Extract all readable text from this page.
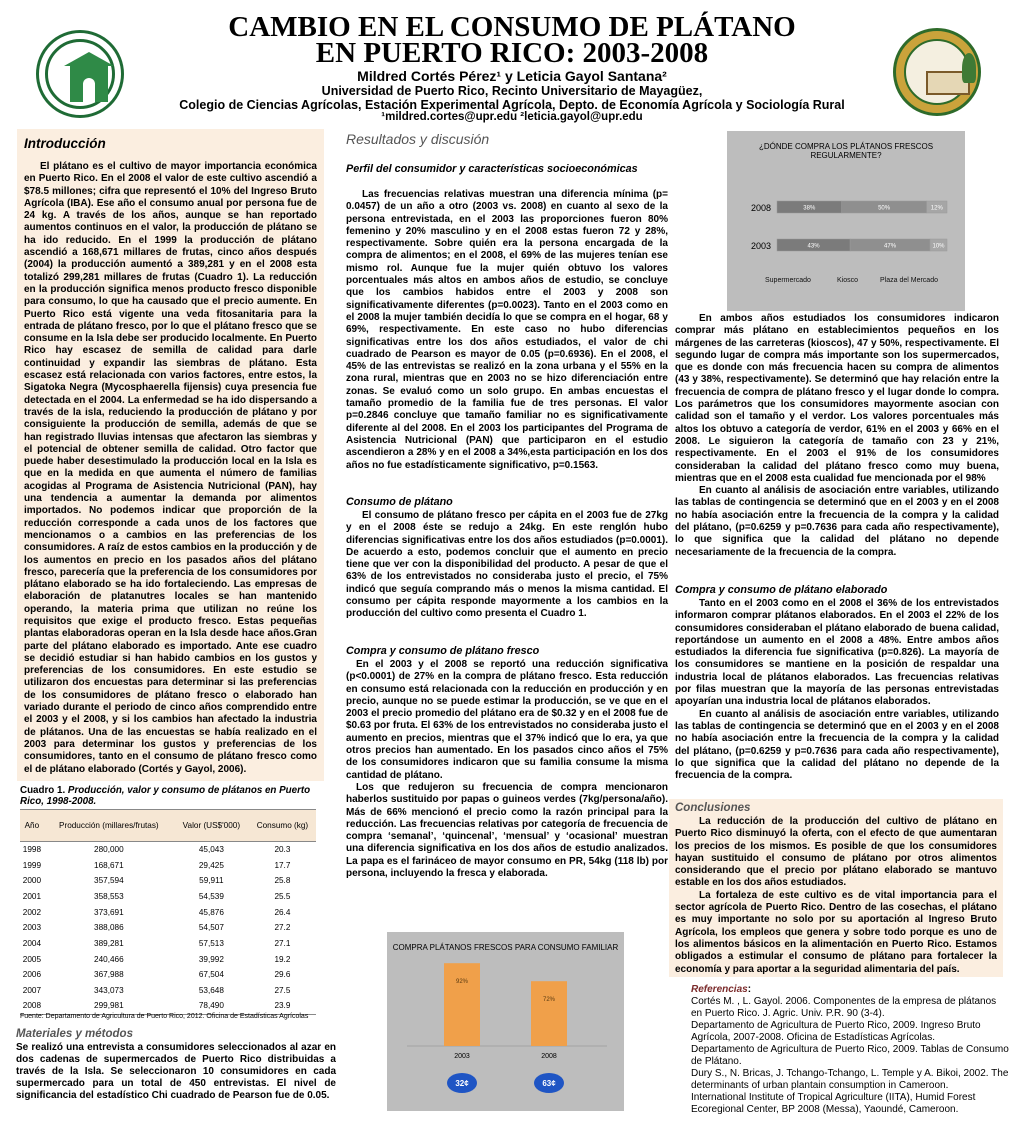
CAMBIO EN EL CONSUMO DE PLÁTANO
EN PUERTO RICO: 2003-2008
Mildred Cortés Pérez¹ y Leticia Gayol Santana²
Universidad de Puerto Rico, Recinto Universitario de Mayagüez,
Colegio de Ciencias Agrícolas, Estación Experimental Agrícola, Depto. de Economía Agrícola y Sociología Rural
¹mildred.cortes@upr.edu ²leticia.gayol@upr.edu
Introducción
El plátano es el cultivo de mayor importancia económica en Puerto Rico. En el 2008 el valor de este cultivo ascendió a $78.5 millones; cifra que representó el 10% del Ingreso Bruto Agrícola (IBA). Ese año el consumo anual por persona fue de 24 kg. A través de los años, aunque se han reportado aumentos continuos en el valor, la producción de plátano se ha ido reducido. En el 1999 la producción de plátano ascendió a 168,671 millares de frutas, cinco años después (2004) la producción aumentó a 389,281 y en el 2008 esta totalizó 299,281 millares de frutas (Cuadro 1). La reducción en la producción significa menos producto fresco disponible para consumo, lo que ha causado que el precio aumente. En Puerto Rico está vigente una veda fitosanitaria para la entrada de plátano fresco, por lo que el plátano fresco que se consume en la Isla debe ser producido localmente. En Puerto Rico hay escasez de semilla de calidad para darle continuidad y expandir las siembras de plátano. Esta escasez está relacionada con varios factores, entre estos, la Sigatoka Negra (Mycosphaerella fijensis) cuya presencia fue detectada en el 2004. La enfermedad se ha ido dispersando a través de la isla, reduciendo la producción de plátano y por consiguiente la producción de semilla, además de que se han registrado lluvias intensas que afectaron las siembras y el potencial de obtener semilla de calidad. Otro factor que puede haber desestimulado la producción local en la Isla es que en la medida en que aumenta el número de familias acogidas al Programa de Asistencia Nutricional (PAN), hay una tendencia a aumentar la demanda por alimentos importados. No podemos indicar que proporción de la reducción corresponde a cada unos de los factores que mencionamos o a cambios en las preferencias de los consumidores. A raíz de estos cambios en la producción y de los aumentos en precio en los pasados años del plátano fresco, parecería que la preferencia de los consumidores por plátano elaborado se ha ido fortaleciendo. Las empresas de elaboración de platanutres locales se han mantenido operando, la materia prima que utilizan no reúne los requisitos que exige el producto fresco. Estas pequeñas plantas elaboradoras operan en la Isla desde hace años.Gran parte del plátano elaborado es importado. Ante ese cuadro se decidió estudiar si han habido cambios en los gustos y preferencias de los consumidores. En este estudio se utilizaron dos encuestas para determinar si las preferencias de los consumidores de plátano fresco o elaborado han variado durante el periodo de cinco años comprendido entre el 2003 y el 2008, y si los cambios han afectado la industria de plátanos. Una de las encuestas se había realizado en el 2003 para determinar los gustos y preferencias de los consumidores, tanto en el consumo de plátano fresco como el de plátano elaborado (Cortés y Gayol, 2006).
Cuadro 1. Producción, valor y consumo de plátanos en Puerto Rico, 1998-2008.
Año	Producción (millares/frutas)	Valor (US$'000)	Consumo (kg)
1998	280,000	45,043	20.3
1999	168,671	29,425	17.7
2000	357,594	59,911	25.8
2001	358,553	54,539	25.5
2002	373,691	45,876	26.4
2003	388,086	54,507	27.2
2004	389,281	57,513	27.1
2005	240,466	39,992	19.2
2006	367,988	67,504	29.6
2007	343,073	53,648	27.5
2008	299,981	78,490	23.9
Fuente: Departamento de Agricultura de Puerto Rico, 2012. Oficina de Estadísticas Agrícolas
Materiales y métodos
Se realizó una entrevista a consumidores seleccionados al azar en dos cadenas de supermercados de Puerto Rico distribuidas a través de la Isla. Se seleccionaron 10 consumidores en cada supermercado para un total de 450 entrevistas. El nivel de significancia del estadístico Chi cuadrado de Pearson fue de 0.05.
Resultados y discusión
Perfil del consumidor y características socioeconómicas
Las frecuencias relativas muestran una diferencia mínima (p= 0.0457) de un año a otro (2003 vs. 2008) en cuanto al sexo de la persona entrevistada, en el 2003 las proporciones fueron 80% femenino y 20% masculino y en el 2008 estas fueron 72 y 28%, respectivamente. Sobre quién era la persona encargada de la compra de alimentos; en el 2008, el 69% de las mujeres tenían ese mismo rol. Aunque fue la mujer quién obtuvo los valores porcentuales más altos en ambos años de estudio, se concluye que los cambios habidos entre el 2003 y 2008 son significativamente diferentes (p=0.0023). Tanto en el 2003 como en el 2008 la mujer también decidía lo que se compra en el hogar, 68 y 69%, respectivamente. En este caso no hubo diferencias significativas entre los dos años estudiados, el valor de chi cuadrado de Pearson es mayor de 0.05 (p=0.6936). En el 2008, el 45% de las entrevistas se realizó en la zona urbana y el 55% en la zona rural, mientras que en 2003 no se hizo diferenciación entre zonas. Se evaluó como un solo grupo. En ambas encuestas el tamaño promedio de la familia fue de tres personas. El valor p=0.2846 concluye que tamaño familiar no es significativamente diferente al del 2008. En el 2003 los participantes del Programa de Asistencia Nutricional (PAN) que participaron en el estudio ascendieron a 28% y en el 2008 a 34%,esta participación en los dos años no fue estadísticamente significativo, p=0.1563.
Consumo de plátano
El consumo de plátano fresco per cápita en el 2003 fue de 27kg y en el 2008 éste se redujo a 24kg. En este renglón hubo diferencias significativas entre los dos años estudiados (p=0.0001). De acuerdo a esto, podemos concluir que el aumento en precio tiene que ver con la disponibilidad del producto. A pesar de que el 63% de los entrevistados no consideraba justo el precio, el 75% indicó que seguía comprando más o menos la misma cantidad. El consumo per cápita responde mayormente a los cambios en la producción del cultivo como presenta el Cuadro 1.
Compra y consumo de plátano fresco
En el 2003 y el 2008 se reportó una reducción significativa (p<0.0001) de 27% en la compra de plátano fresco. Esta reducción en consumo está relacionada con la reducción en producción y en precio, aunque no se puede estimar la producción, se ve que en el 2003 el precio promedio del plátano era de $0.32 y en el 2008 fue de $0.63 por fruta. El 63% de los entrevistados no consideraba justo el aumento en precios, mientras que el 37% indicó que lo era, ya que otros precios han aumentado. En los pasados cinco años el 75% de los consumidores indicaron que su familia consume la misma cantidad de plátano.
Los que redujeron su frecuencia de compra mencionaron haberlos sustituido por papas o guineos verdes (7kg/persona/año). Más de 66% mencionó el precio como la razón principal para la reducción. Las frecuencias relativas por categoría de frecuencia de compra ‘semanal’, ‘quincenal’, ‘mensual’ y ‘ocasional’ muestran una diferencia significativa en los dos años de estudio analizados. La papa es el farináceo de mayor consumo en PR, 54kg (118 lb) por persona, incluyendo la fresca y elaborada.
¿DÓNDE COMPRA LOS PLÁTANOS FRESCOS REGULARMENTE?
2008	38%	50%	12%
2003	43%	47%	10%
Supermercado	Kiosco	Plaza del Mercado
En ambos años estudiados los consumidores indicaron comprar más plátano en establecimientos pequeños en los márgenes de las carreteras (kioscos), 47 y 50%, respectivamente. El segundo lugar de compra más importante son los supermercados, que es donde con más frecuencia hacen su compra de alimentos (43 y 38%, respectivamente). Se determinó que hay relación entre la frecuencia de compra de plátano fresco y el lugar donde lo compra. Los parámetros que los consumidores mayormente asocian con calidad son el tamaño y el verdor. Los valores porcentuales más altos los obtuvo a categoría de verdor, 61% en el 2003 y 66% en el 2008. Le siguieron la categoría de tamaño con 23 y 21%, respectivamente. En el 2003 el 91% de los consumidores consideraban la calidad del plátano fresco como muy buena, mientras que en el 2008 esta cualidad fue mencionada por el 98%
En cuanto al análisis de asociación entre variables, utilizando las tablas de contingencia se determinó que en el 2003 y en el 2008 no había asociación entre la frecuencia de la compra y la calidad del plátano, (p=0.6259 y p=0.7636 para cada año respectivamente), lo que significa que la calidad del plátano no depende necesariamente de la frecuencia de la compra.
Compra y consumo de plátano elaborado
Tanto en el 2003 como en el 2008 el 36% de los entrevistados informaron comprar plátanos elaborados. En el 2003 el 22% de los consumidores consideraban el plátano elaborado de buena calidad, reportándose un aumento en el 2008 a 48%. Entre ambos años estudiados la diferencia fue significativa (p=0.826). La mayoría de los consumidores se mantiene en la posición de respaldar una industria local de plátanos elaborados. Las frecuencias relativas por filas muestran que la mayoría de las personas entrevistadas apoyarían una industria local de plátanos elaborados.
En cuanto al análisis de asociación entre variables, utilizando las tablas de contingencia se determinó que en el 2003 y en el 2008 no había asociación entre la frecuencia de la compra y la calidad del plátano, (p=0.6259 y p=0.7636 para cada año respectivamente), lo que significa que la calidad del plátano no depende de la frecuencia de la compra.
Conclusiones
La reducción de la producción del cultivo de plátano en Puerto Rico disminuyó la oferta, con el efecto de que aumentaran los precios de los mismos. Es posible de que los consumidores hayan sustituido el consumo de plátano por otros alimentos considerando que el precio por plátano elaborado se mantuvo estable en los dos años estudiados.
La fortaleza de este cultivo es de vital importancia para el sector agrícola de Puerto Rico. Dentro de las cosechas, el plátano es muy importante no solo por su aportación al Ingreso Bruto Agrícola, los empleos que genera y sobre todo porque es uno de los alimentos básicos en la alimentación en Puerto Rico. Estamos obligados a estimular el consumo de plátano para fortalecer la economía y para aportar a la seguridad alimentaria del país.
Referencias:
Cortés M. , L. Gayol. 2006. Componentes de la empresa de plátanos en Puerto Rico. J. Agric. Univ. P.R. 90 (3-4).
Departamento de Agricultura de Puerto Rico, 2009. Ingreso Bruto Agrícola, 2007-2008. Oficina de Estadísticas Agrícolas.
Departamento de Agricultura de Puerto Rico, 2009. Tablas de Consumo de Plátano.
Dury S., N. Bricas, J. Tchango-Tchango, L. Temple y A. Bikoi, 2002. The determinants of urban plantain consumption in Cameroon.
International Institute of Tropical Agriculture (IITA), Humid Forest Ecoregional Center, BP 2008 (Messa), Yaoundé, Cameroon.
COMPRA PLÁTANOS FRESCOS PARA CONSUMO FAMILIAR
92%
2003
32¢
72%
2008
63¢
